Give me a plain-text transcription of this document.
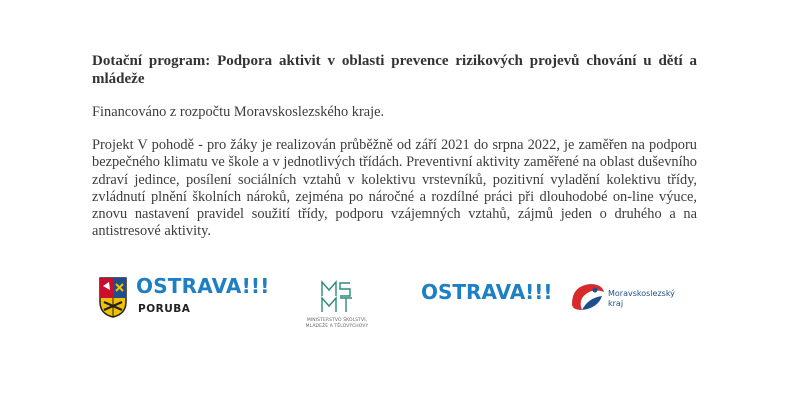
Dotační program: Podpora aktivit v oblasti prevence rizikových projevů chování u dětí a mládeže

Financováno z rozpočtu Moravskoslezského kraje.

Projekt V pohodě - pro žáky je realizován průběžně od září 2021 do srpna 2022, je zaměřen na podporu bezpečného klimatu ve škole a v jednotlivých třídách. Preventivní aktivity zaměřené na oblast duševního zdraví jedince, posílení sociálních vztahů v kolektivu vrstevníků, pozitivní vyladění kolektivu třídy, zvládnutí plnění školních nároků, zejména po náročné a rozdílné práci při dlouhodobé on-line výuce, znovu nastavení pravidel soužití třídy, podporu vzájemných vztahů, zájmů jeden o druhého a na antistresové aktivity.

OSTRAVA!!!
PORUBA
MINISTERSTVO ŠKOLSTVÍ,
MLÁDEŽE A TĚLOVÝCHOVY
OSTRAVA!!!	Moravskoslezský
kraj
